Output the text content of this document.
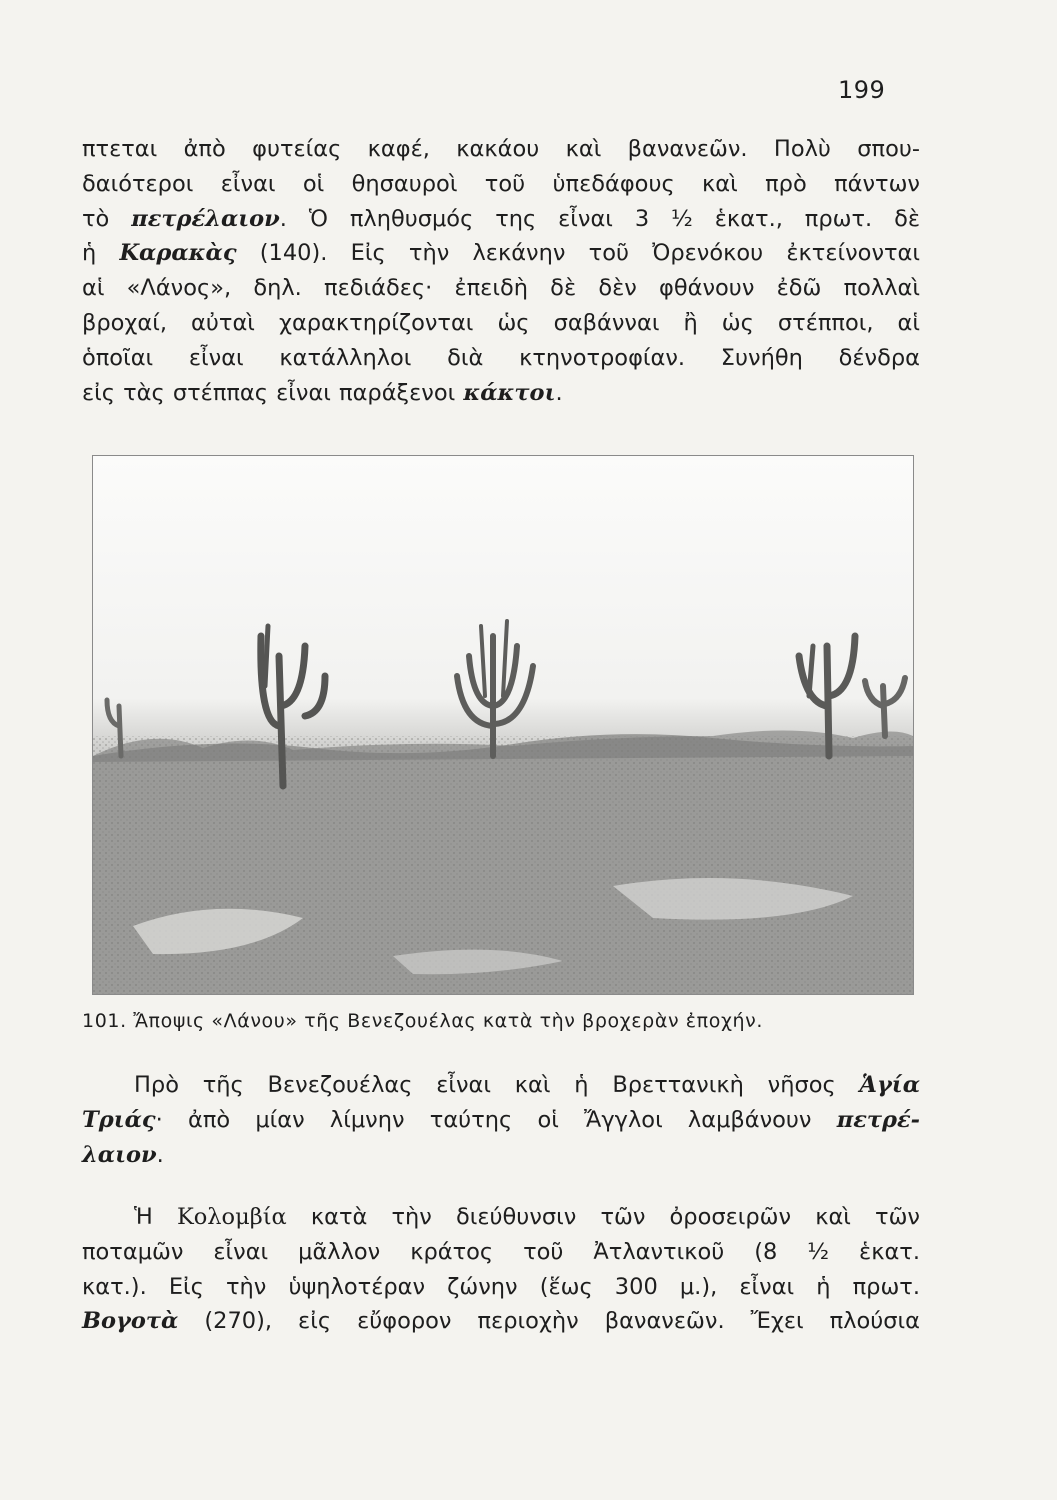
199
πτεται ἀπὸ φυτείας καφέ, κακάου καὶ βανανεῶν. Πολὺ σπου-
δαιότεροι εἶναι οἱ θησαυροὶ τοῦ ὑπεδάφους καὶ πρὸ πάντων
τὸ πετρέλαιον. Ὁ πληθυσμός της εἶναι 3 ½ ἑκατ., πρωτ. δὲ
ἡ Καρακὰς (140). Εἰς τὴν λεκάνην τοῦ Ὀρενόκου ἐκτείνονται
αἱ «Λάνος», δηλ. πεδιάδες· ἐπειδὴ δὲ δὲν φθάνουν ἐδῶ πολλαὶ
βροχαί, αὐταὶ χαρακτηρίζονται ὡς σαβάνναι ἢ ὡς στέπποι, αἱ
ὁποῖαι εἶναι κατάλληλοι διὰ κτηνοτροφίαν. Συνήθη δένδρα
εἰς τὰς στέππας εἶναι παράξενοι κάκτοι.
101. Ἄποψις «Λάνου» τῆς Βενεζουέλας κατὰ τὴν βροχερὰν ἐποχήν.
Πρὸ τῆς Βενεζουέλας εἶναι καὶ ἡ Βρεττανικὴ νῆσος Ἁγία
Τριάς· ἀπὸ μίαν λίμνην ταύτης οἱ Ἄγγλοι λαμβάνουν πετρέ-
λαιον.
Ἡ Κολομβία κατὰ τὴν διεύθυνσιν τῶν ὀροσειρῶν καὶ τῶν
ποταμῶν εἶναι μᾶλλον κράτος τοῦ Ἀτλαντικοῦ (8 ½ ἑκατ.
κατ.). Εἰς τὴν ὑψηλοτέραν ζώνην (ἕως 300 μ.), εἶναι ἡ πρωτ.
Βογοτὰ (270), εἰς εὔφορον περιοχὴν βανανεῶν. Ἔχει πλούσια
